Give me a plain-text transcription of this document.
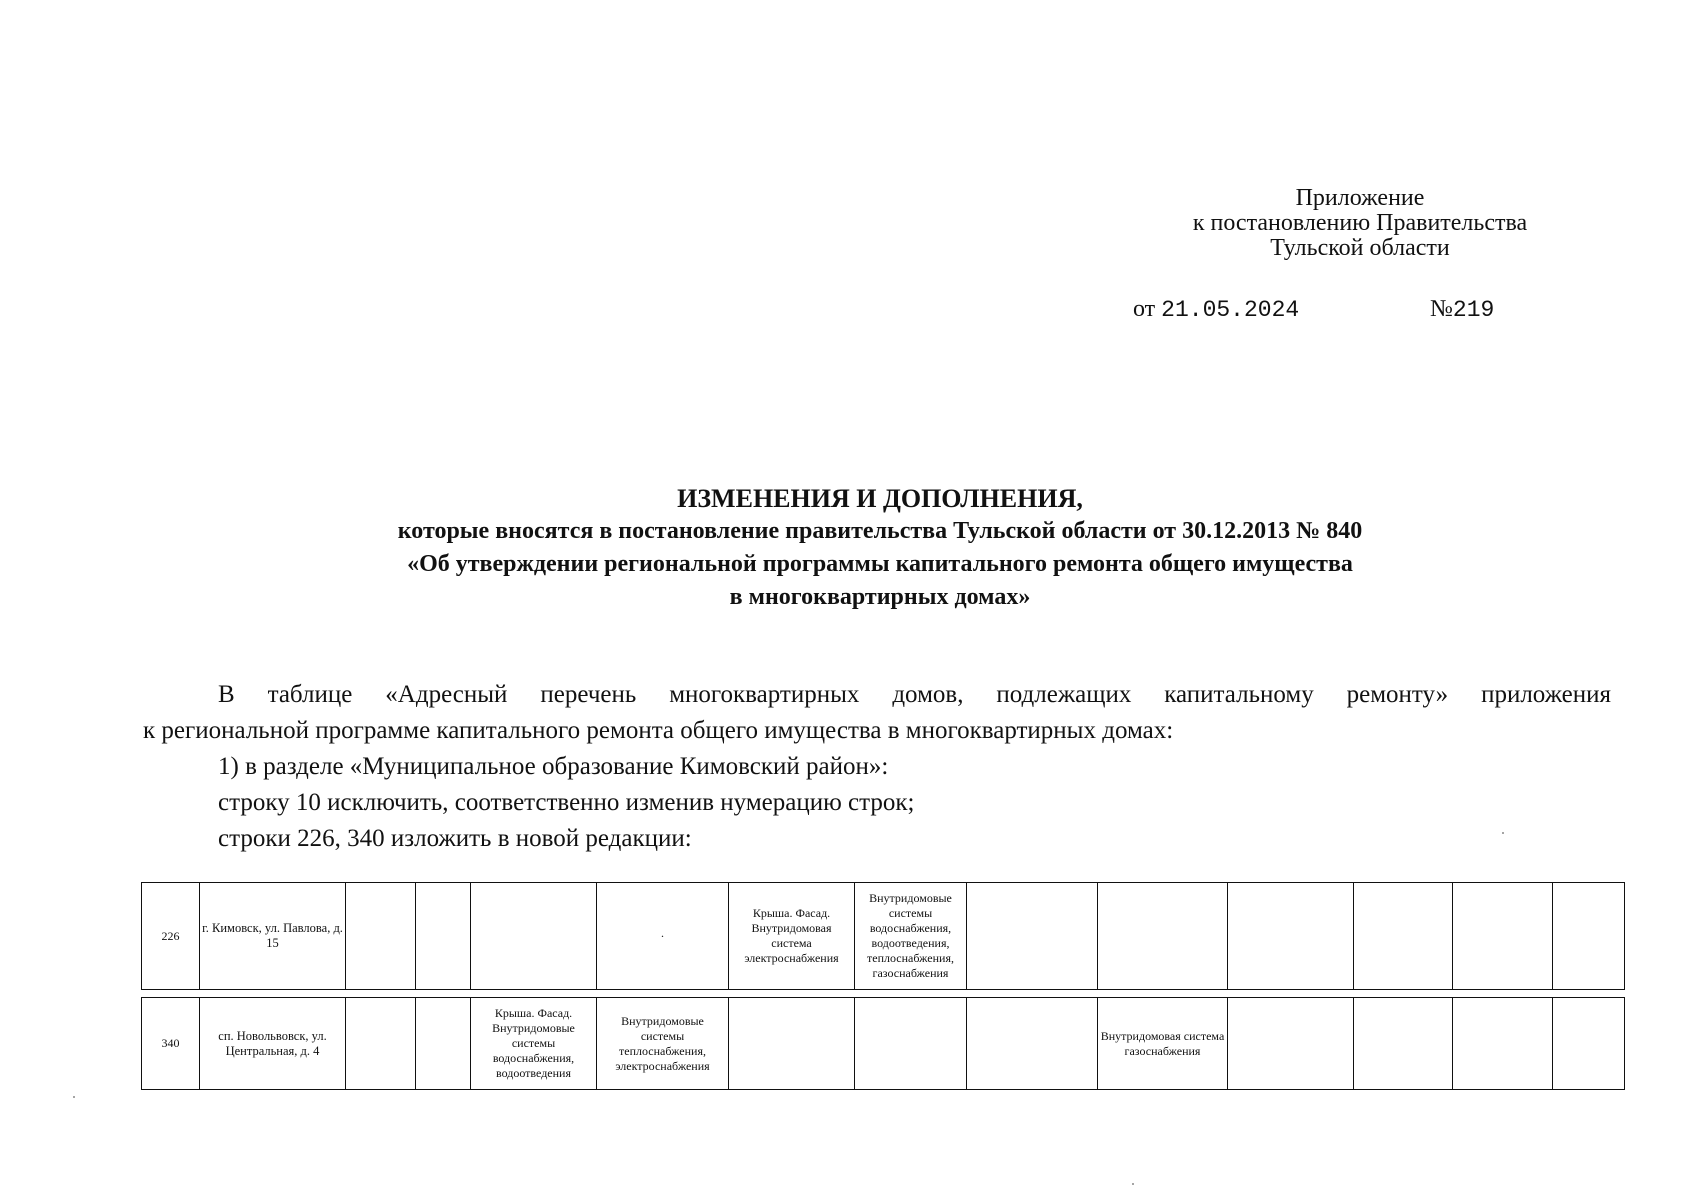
Приложение
к постановлению Правительства
Тульской области
от 21.05.2024	№219
ИЗМЕНЕНИЯ И ДОПОЛНЕНИЯ,
которые вносятся в постановление правительства Тульской области от 30.12.2013 № 840
«Об утверждении региональной программы капитального ремонта общего имущества
в многоквартирных домах»

В таблице «Адресный перечень многоквартирных домов, подлежащих капитальному ремонту» приложения

к региональной программе капитального ремонта общего имущества в многоквартирных домах:

1) в разделе «Муниципальное образование Кимовский район»:

строку 10 исключить, соответственно изменив нумерацию строк;

строки 226, 340 изложить в новой редакции:

226	г. Кимовск, ул. Павлова, д. 15				·	Крыша. Фасад. Внутридомовая система электроснабжения	Внутридомовые системы водоснабжения, водоотведения, теплоснабжения, газоснабжения						
340	сп. Новольвовск, ул. Центральная, д. 4			Крыша. Фасад. Внутридомовые системы водоснабжения, водоотведения	Внутридомовые системы теплоснабжения, электроснабжения				Внутридомовая система газоснабжения				
